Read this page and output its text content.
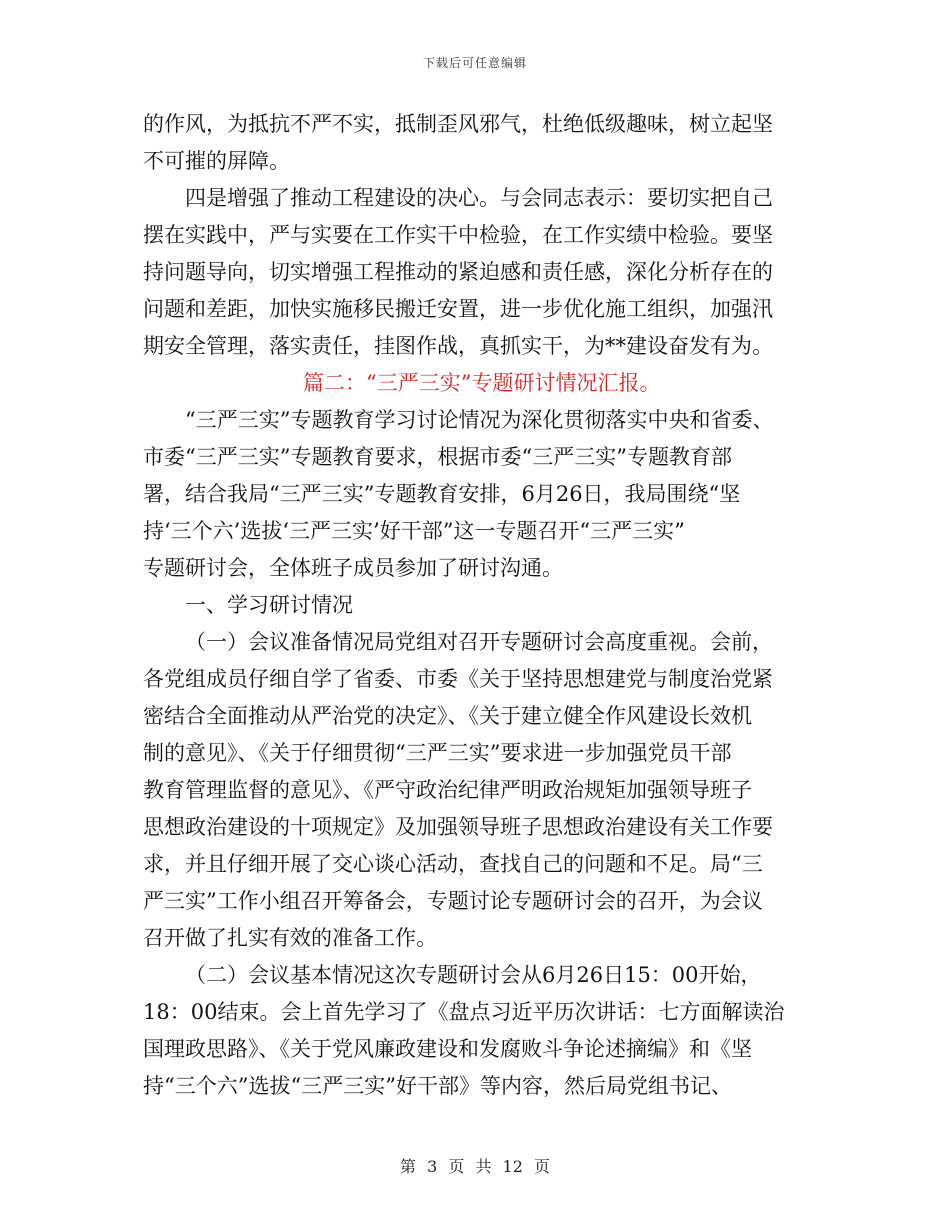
下载后可任意编辑
的作风，为抵抗不严不实，抵制歪风邪气，杜绝低级趣味，树立起坚
不可摧的屏障。
四是增强了推动工程建设的决心。与会同志表示：要切实把自己
摆在实践中，严与实要在工作实干中检验，在工作实绩中检验。要坚
持问题导向，切实增强工程推动的紧迫感和责任感，深化分析存在的
问题和差距，加快实施移民搬迁安置，进一步优化施工组织，加强汛
期安全管理，落实责任，挂图作战，真抓实干，为**建设奋发有为。
篇二：“三严三实”专题研讨情况汇报。
“三严三实”专题教育学习讨论情况为深化贯彻落实中央和省委、
市委“三严三实”专题教育要求，根据市委“三严三实”专题教育部
署，结合我局“三严三实”专题教育安排，6月26日，我局围绕“坚
持‘三个六’选拔‘三严三实’好干部”这一专题召开“三严三实”
专题研讨会，全体班子成员参加了研讨沟通。
一、学习研讨情况
（一）会议准备情况局党组对召开专题研讨会高度重视。会前，
各党组成员仔细自学了省委、市委《关于坚持思想建党与制度治党紧
密结合全面推动从严治党的决定》、《关于建立健全作风建设长效机
制的意见》、《关于仔细贯彻“三严三实”要求进一步加强党员干部
教育管理监督的意见》、《严守政治纪律严明政治规矩加强领导班子
思想政治建设的十项规定》及加强领导班子思想政治建设有关工作要
求，并且仔细开展了交心谈心活动，查找自己的问题和不足。局“三
严三实”工作小组召开筹备会，专题讨论专题研讨会的召开，为会议
召开做了扎实有效的准备工作。
（二）会议基本情况这次专题研讨会从6月26日15：00开始，
18：00结束。会上首先学习了《盘点习近平历次讲话：七方面解读治
国理政思路》、《关于党风廉政建设和发腐败斗争论述摘编》和《坚
持“三个六”选拔“三严三实”好干部》等内容，然后局党组书记、
第 3 页 共 12 页
